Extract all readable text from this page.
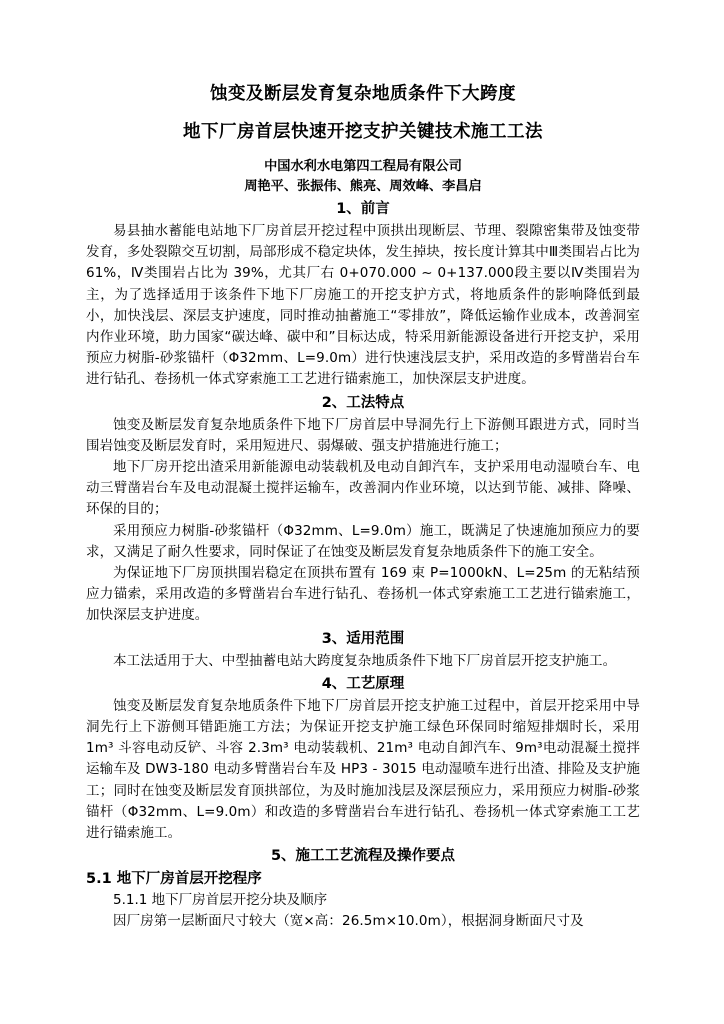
蚀变及断层发育复杂地质条件下大跨度
地下厂房首层快速开挖支护关键技术施工工法
中国水利水电第四工程局有限公司
周艳平、张振伟、熊亮、周效峰、李昌启
1、前言

易县抽水蓄能电站地下厂房首层开挖过程中顶拱出现断层、节理、裂隙密集带及蚀变带发育，多处裂隙交互切割，局部形成不稳定块体，发生掉块，按长度计算其中Ⅲ类围岩占比为 61%，Ⅳ类围岩占比为 39%，尤其厂右 0+070.000 ~ 0+137.000段主要以Ⅳ类围岩为主，为了选择适用于该条件下地下厂房施工的开挖支护方式，将地质条件的影响降低到最小，加快浅层、深层支护速度，同时推动抽蓄施工“零排放”，降低运输作业成本，改善洞室内作业环境，助力国家“碳达峰、碳中和”目标达成，特采用新能源设备进行开挖支护，采用预应力树脂-砂浆锚杆（Φ32mm、L=9.0m）进行快速浅层支护，采用改造的多臂凿岩台车进行钻孔、卷扬机一体式穿索施工工艺进行锚索施工，加快深层支护进度。

2、工法特点

蚀变及断层发育复杂地质条件下地下厂房首层中导洞先行上下游侧耳跟进方式，同时当围岩蚀变及断层发育时，采用短进尺、弱爆破、强支护措施进行施工；

地下厂房开挖出渣采用新能源电动装载机及电动自卸汽车，支护采用电动湿喷台车、电动三臂凿岩台车及电动混凝土搅拌运输车，改善洞内作业环境，以达到节能、减排、降噪、环保的目的；

采用预应力树脂-砂浆锚杆（Φ32mm、L=9.0m）施工，既满足了快速施加预应力的要求，又满足了耐久性要求，同时保证了在蚀变及断层发育复杂地质条件下的施工安全。

为保证地下厂房顶拱围岩稳定在顶拱布置有 169 束 P=1000kN、L=25m 的无粘结预应力锚索，采用改造的多臂凿岩台车进行钻孔、卷扬机一体式穿索施工工艺进行锚索施工，加快深层支护进度。

3、适用范围

本工法适用于大、中型抽蓄电站大跨度复杂地质条件下地下厂房首层开挖支护施工。

4、工艺原理

蚀变及断层发育复杂地质条件下地下厂房首层开挖支护施工过程中，首层开挖采用中导洞先行上下游侧耳错距施工方法；为保证开挖支护施工绿色环保同时缩短排烟时长，采用 1m³ 斗容电动反铲、斗容 2.3m³ 电动装载机、21m³ 电动自卸汽车、9m³电动混凝土搅拌运输车及 DW3-180 电动多臂凿岩台车及 HP3 - 3015 电动湿喷车进行出渣、排险及支护施工；同时在蚀变及断层发育顶拱部位，为及时施加浅层及深层预应力，采用预应力树脂-砂浆锚杆（Φ32mm、L=9.0m）和改造的多臂凿岩台车进行钻孔、卷扬机一体式穿索施工工艺进行锚索施工。

5、施工工艺流程及操作要点
5.1 地下厂房首层开挖程序
5.1.1 地下厂房首层开挖分块及顺序

因厂房第一层断面尺寸较大（宽×高：26.5m×10.0m），根据洞身断面尺寸及
